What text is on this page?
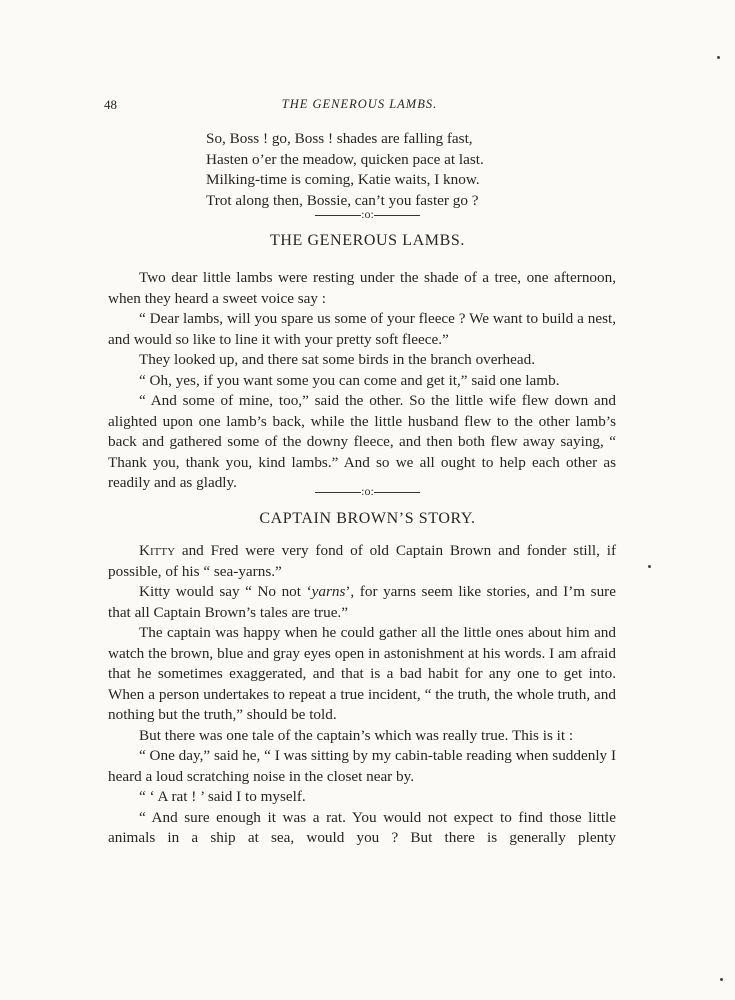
48	THE GENEROUS LAMBS.
So, Boss ! go, Boss ! shades are falling fast,
Hasten o’er the meadow, quicken pace at last.
Milking-time is coming, Katie waits, I know.
Trot along then, Bossie, can’t you faster go ?
:o:
THE GENEROUS LAMBS.

Two dear little lambs were resting under the shade of a tree, one afternoon, when they heard a sweet voice say :

“ Dear lambs, will you spare us some of your fleece ? We want to build a nest, and would so like to line it with your pretty soft fleece.”

They looked up, and there sat some birds in the branch overhead.

“ Oh, yes, if you want some you can come and get it,” said one lamb.

“ And some of mine, too,” said the other. So the little wife flew down and alighted upon one lamb’s back, while the little husband flew to the other lamb’s back and gathered some of the downy fleece, and then both flew away saying, “ Thank you, thank you, kind lambs.” And so we all ought to help each other as readily and as gladly.	:o:
CAPTAIN BROWN’S STORY.

Kitty and Fred were very fond of old Captain Brown and fonder still, if possible, of his “ sea-yarns.”

Kitty would say “ No not ‘yarns’, for yarns seem like stories, and I’m sure that all Captain Brown’s tales are true.”

The captain was happy when he could gather all the little ones about him and watch the brown, blue and gray eyes open in astonishment at his words. I am afraid that he sometimes exaggerated, and that is a bad habit for any one to get into. When a person undertakes to repeat a true incident, “ the truth, the whole truth, and nothing but the truth,” should be told.

But there was one tale of the captain’s which was really true. This is it :

“ One day,” said he, “ I was sitting by my cabin-table reading when suddenly I heard a loud scratching noise in the closet near by.

“ ‘ A rat ! ’ said I to myself.

“ And sure enough it was a rat. You would not expect to find those little animals in a ship at sea, would you ? But there is generally plenty
